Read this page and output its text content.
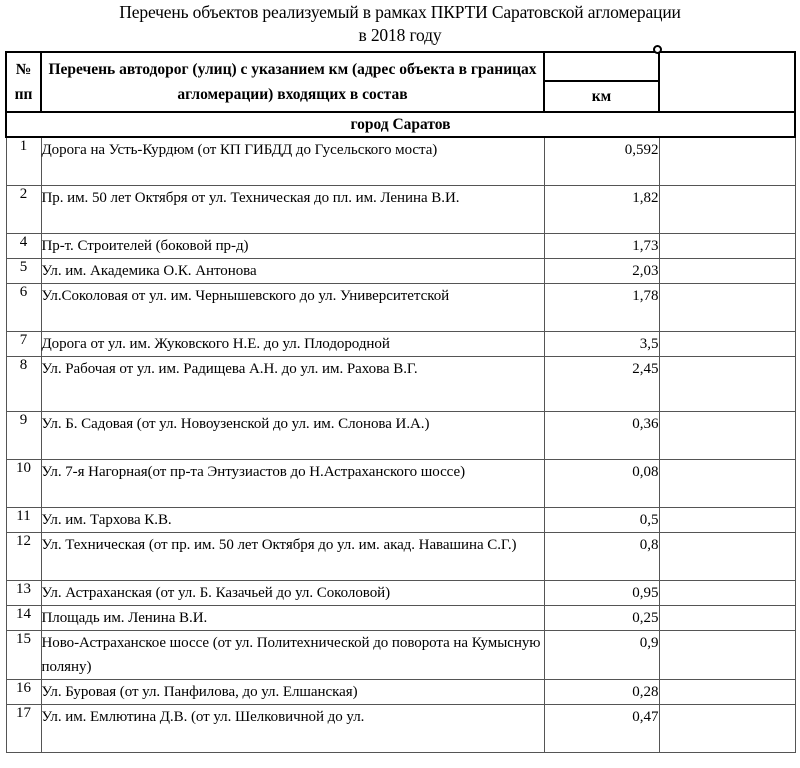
Перечень объектов реализуемый в рамках ПКРТИ Саратовской агломерации
в 2018 году
№
пп	Перечень автодорог (улиц) с указанием км (адрес объекта в границах агломерации) входящих в состав		
		км	
город Саратов			
1	Дорога на Усть-Курдюм (от КП ГИБДД до Гусельского моста)	0,592	
2	Пр. им. 50 лет Октября от ул. Техническая до пл. им. Ленина В.И.	1,82	
4	Пр-т. Строителей (боковой пр-д)	1,73	
5	Ул. им. Академика О.К. Антонова	2,03	
6	Ул.Соколовая от ул. им. Чернышевского до ул. Университетской	1,78	
7	Дорога от ул. им. Жуковского Н.Е. до ул. Плодородной	3,5	
8	Ул. Рабочая от ул. им. Радищева А.Н. до ул. им. Рахова В.Г.	2,45	
9	Ул. Б. Садовая (от ул. Новоузенской до ул. им. Слонова И.А.)	0,36	
10	Ул. 7-я Нагорная(от пр-та Энтузиастов до Н.Астраханского шоссе)	0,08	
11	Ул. им. Тархова К.В.	0,5	
12	Ул. Техническая (от пр. им. 50 лет Октября до ул. им. акад. Навашина С.Г.)	0,8	
13	Ул. Астраханская (от ул. Б. Казачьей до ул. Соколовой)	0,95	
14	Площадь им. Ленина В.И.	0,25	
15	Ново-Астраханское шоссе (от ул. Политехнической до поворота на Кумысную поляну)	0,9	
16	Ул. Буровая (от ул. Панфилова, до ул. Елшанская)	0,28	
17	Ул. им. Емлютина Д.В. (от ул. Шелковичной до ул.	0,47	
